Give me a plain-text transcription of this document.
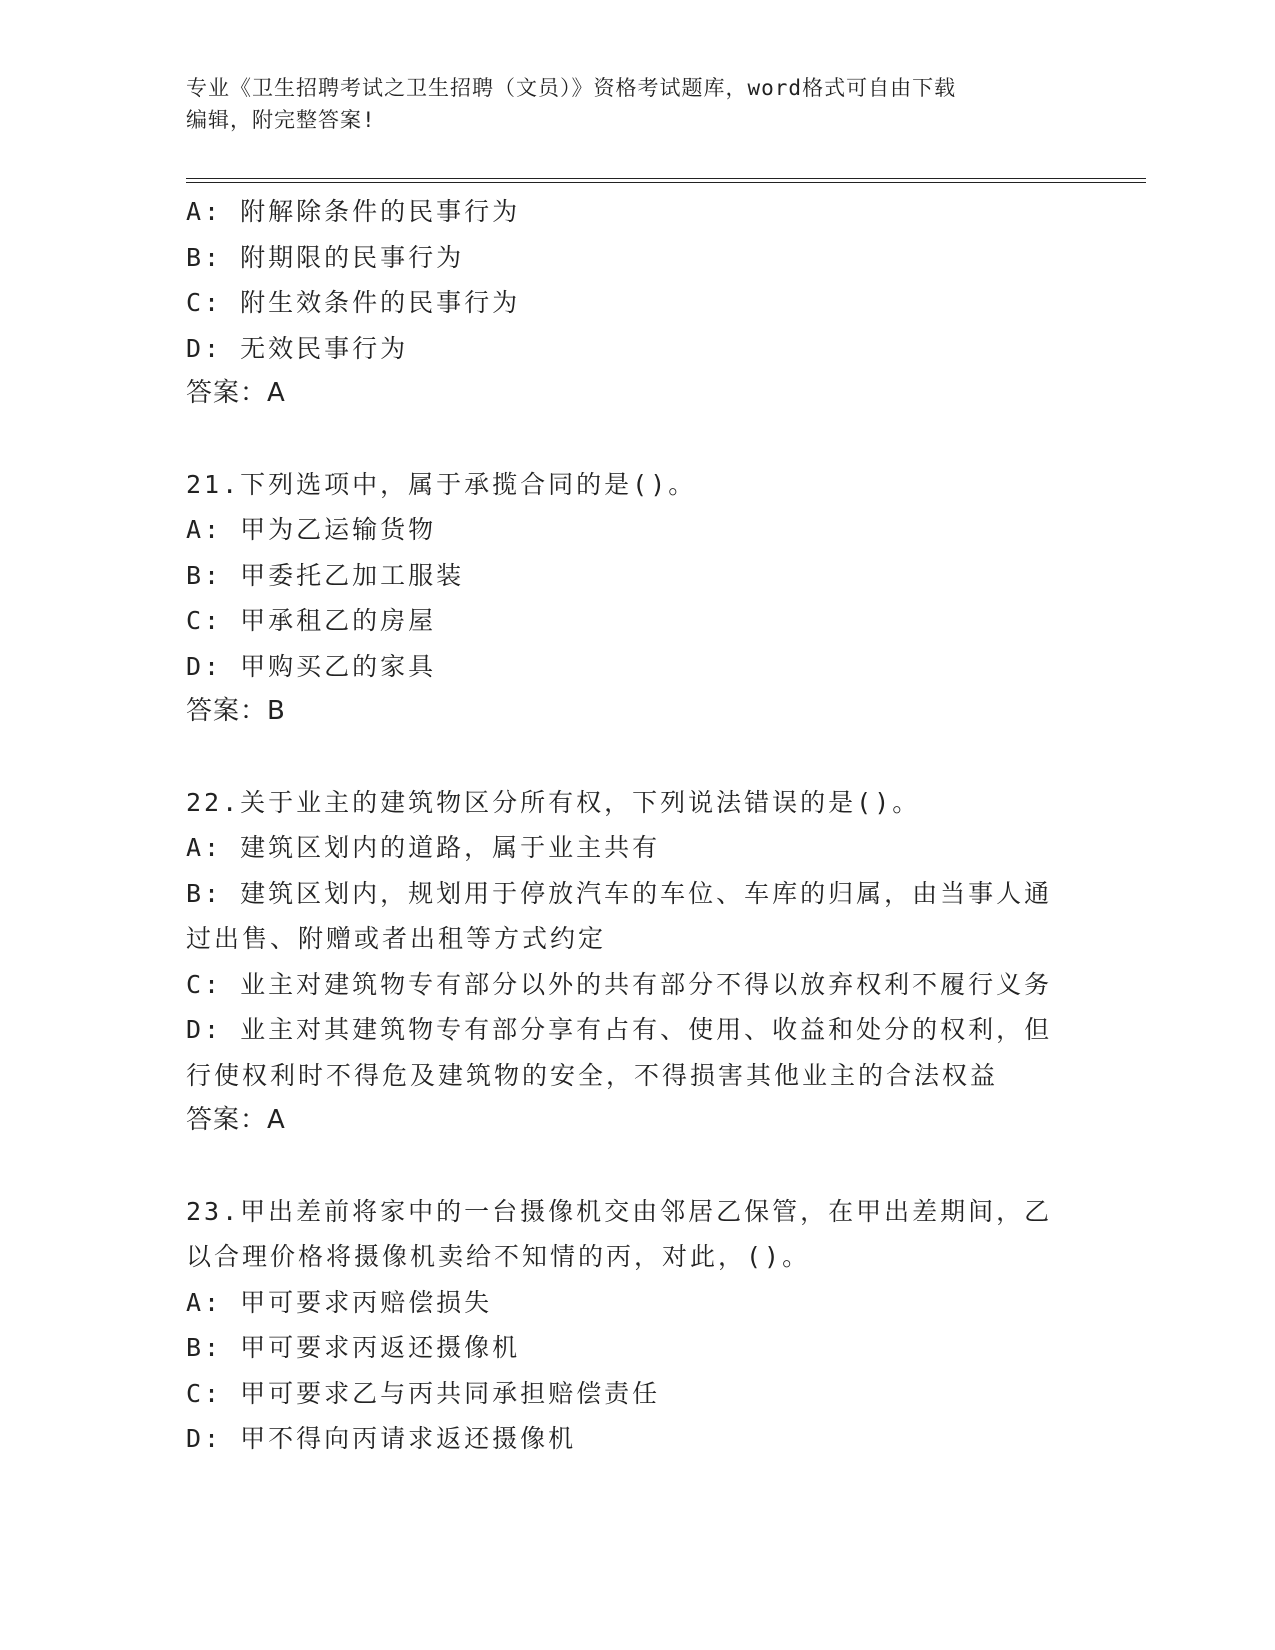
专业《卫生招聘考试之卫生招聘（文员）》资格考试题库，word格式可自由下载
编辑，附完整答案!
A: 附解除条件的民事行为
B: 附期限的民事行为
C: 附生效条件的民事行为
D: 无效民事行为
答案：A
21.下列选项中，属于承揽合同的是()。
A: 甲为乙运输货物
B: 甲委托乙加工服装
C: 甲承租乙的房屋
D: 甲购买乙的家具
答案：B
22.关于业主的建筑物区分所有权，下列说法错误的是()。
A: 建筑区划内的道路，属于业主共有
B: 建筑区划内，规划用于停放汽车的车位、车库的归属，由当事人通
过出售、附赠或者出租等方式约定
C: 业主对建筑物专有部分以外的共有部分不得以放弃权利不履行义务
D: 业主对其建筑物专有部分享有占有、使用、收益和处分的权利，但
行使权利时不得危及建筑物的安全，不得损害其他业主的合法权益
答案：A
23.甲出差前将家中的一台摄像机交由邻居乙保管，在甲出差期间，乙
以合理价格将摄像机卖给不知情的丙，对此，()。
A: 甲可要求丙赔偿损失
B: 甲可要求丙返还摄像机
C: 甲可要求乙与丙共同承担赔偿责任
D: 甲不得向丙请求返还摄像机
